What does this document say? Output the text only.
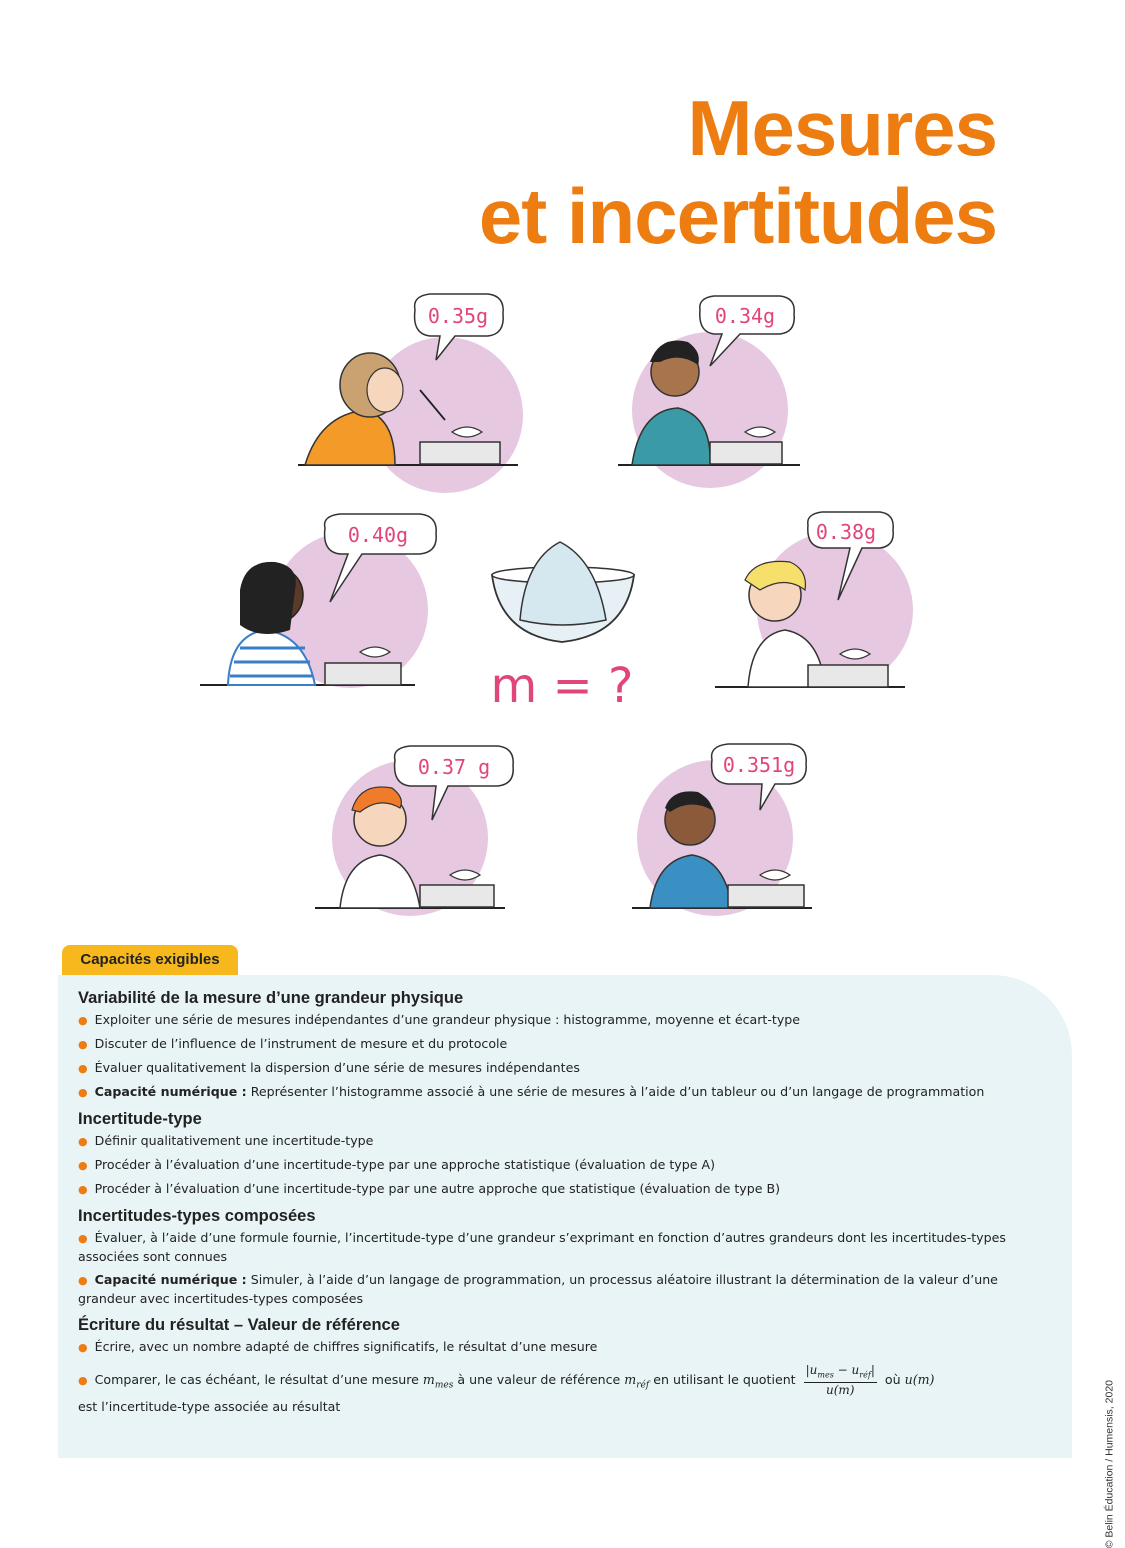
Mesures
et incertitudes
0.35g	0.34g
0.40g	0.38g
m = ?
0.37 g	0.351g
Capacités exigibles
Variabilité de la mesure d’une grandeur physique
● Exploiter une série de mesures indépendantes d’une grandeur physique : histogramme, moyenne et écart-type
● Discuter de l’influence de l’instrument de mesure et du protocole
● Évaluer qualitativement la dispersion d’une série de mesures indépendantes
● Capacité numérique : Représenter l’histogramme associé à une série de mesures à l’aide d’un tableur ou d’un langage de programmation
Incertitude-type
● Définir qualitativement une incertitude-type
● Procéder à l’évaluation d’une incertitude-type par une approche statistique (évaluation de type A)
● Procéder à l’évaluation d’une incertitude-type par une autre approche que statistique (évaluation de type B)
Incertitudes-types composées
● Évaluer, à l’aide d’une formule fournie, l’incertitude-type d’une grandeur s’exprimant en fonction d’autres grandeurs dont les incertitudes-types associées sont connues
● Capacité numérique : Simuler, à l’aide d’un langage de programmation, un processus aléatoire illustrant la détermination de la valeur d’une grandeur avec incertitudes-types composées
Écriture du résultat – Valeur de référence
● Écrire, avec un nombre adapté de chiffres significatifs, le résultat d’une mesure
● Comparer, le cas échéant, le résultat d’une mesure $m_{mes}$ à une valeur de référence $m_{réf}$ en utilisant le quotient $\frac{|u_{mes} - u_{réf}|}{u(m)}$ où u(m)
est l’incertitude-type associée au résultat	© Belin Éducation / Humensis, 2020
